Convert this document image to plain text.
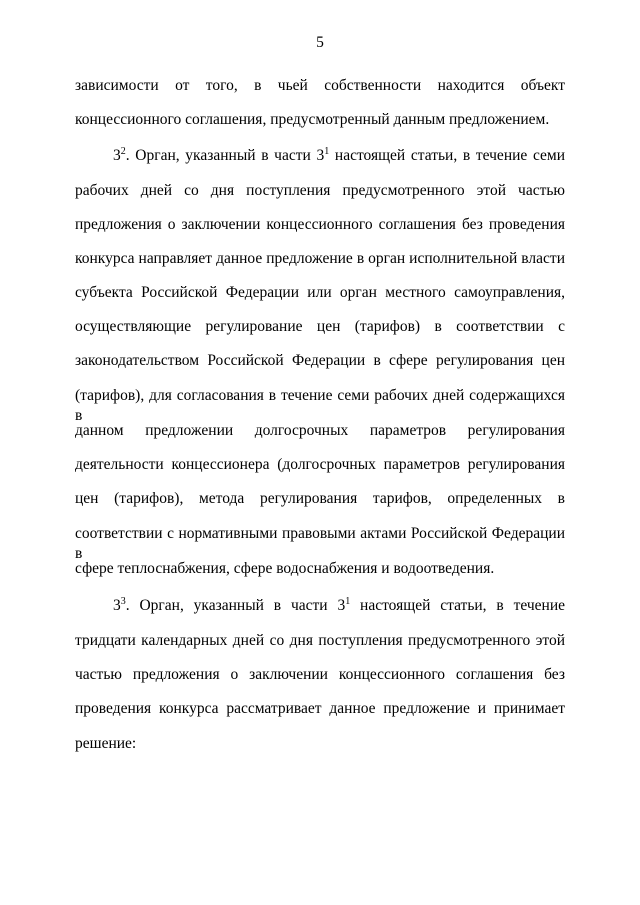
5
зависимости от того, в чьей собственности находится объект
концессионного соглашения, предусмотренный данным предложением.
$3^2$. Орган, указанный в части $3^1$ настоящей статьи, в течение семи
рабочих дней со дня поступления предусмотренного этой частью
предложения о заключении концессионного соглашения без проведения
конкурса направляет данное предложение в орган исполнительной власти
субъекта Российской Федерации или орган местного самоуправления,
осуществляющие регулирование цен (тарифов) в соответствии с
законодательством Российской Федерации в сфере регулирования цен
(тарифов), для согласования в течение семи рабочих дней содержащихся в
данном предложении долгосрочных параметров регулирования
деятельности концессионера (долгосрочных параметров регулирования
цен (тарифов), метода регулирования тарифов, определенных в
соответствии с нормативными правовыми актами Российской Федерации в
сфере теплоснабжения, сфере водоснабжения и водоотведения.
$3^3$. Орган, указанный в части $3^1$ настоящей статьи, в течение
тридцати календарных дней со дня поступления предусмотренного этой
частью предложения о заключении концессионного соглашения без
проведения конкурса рассматривает данное предложение и принимает
решение:
